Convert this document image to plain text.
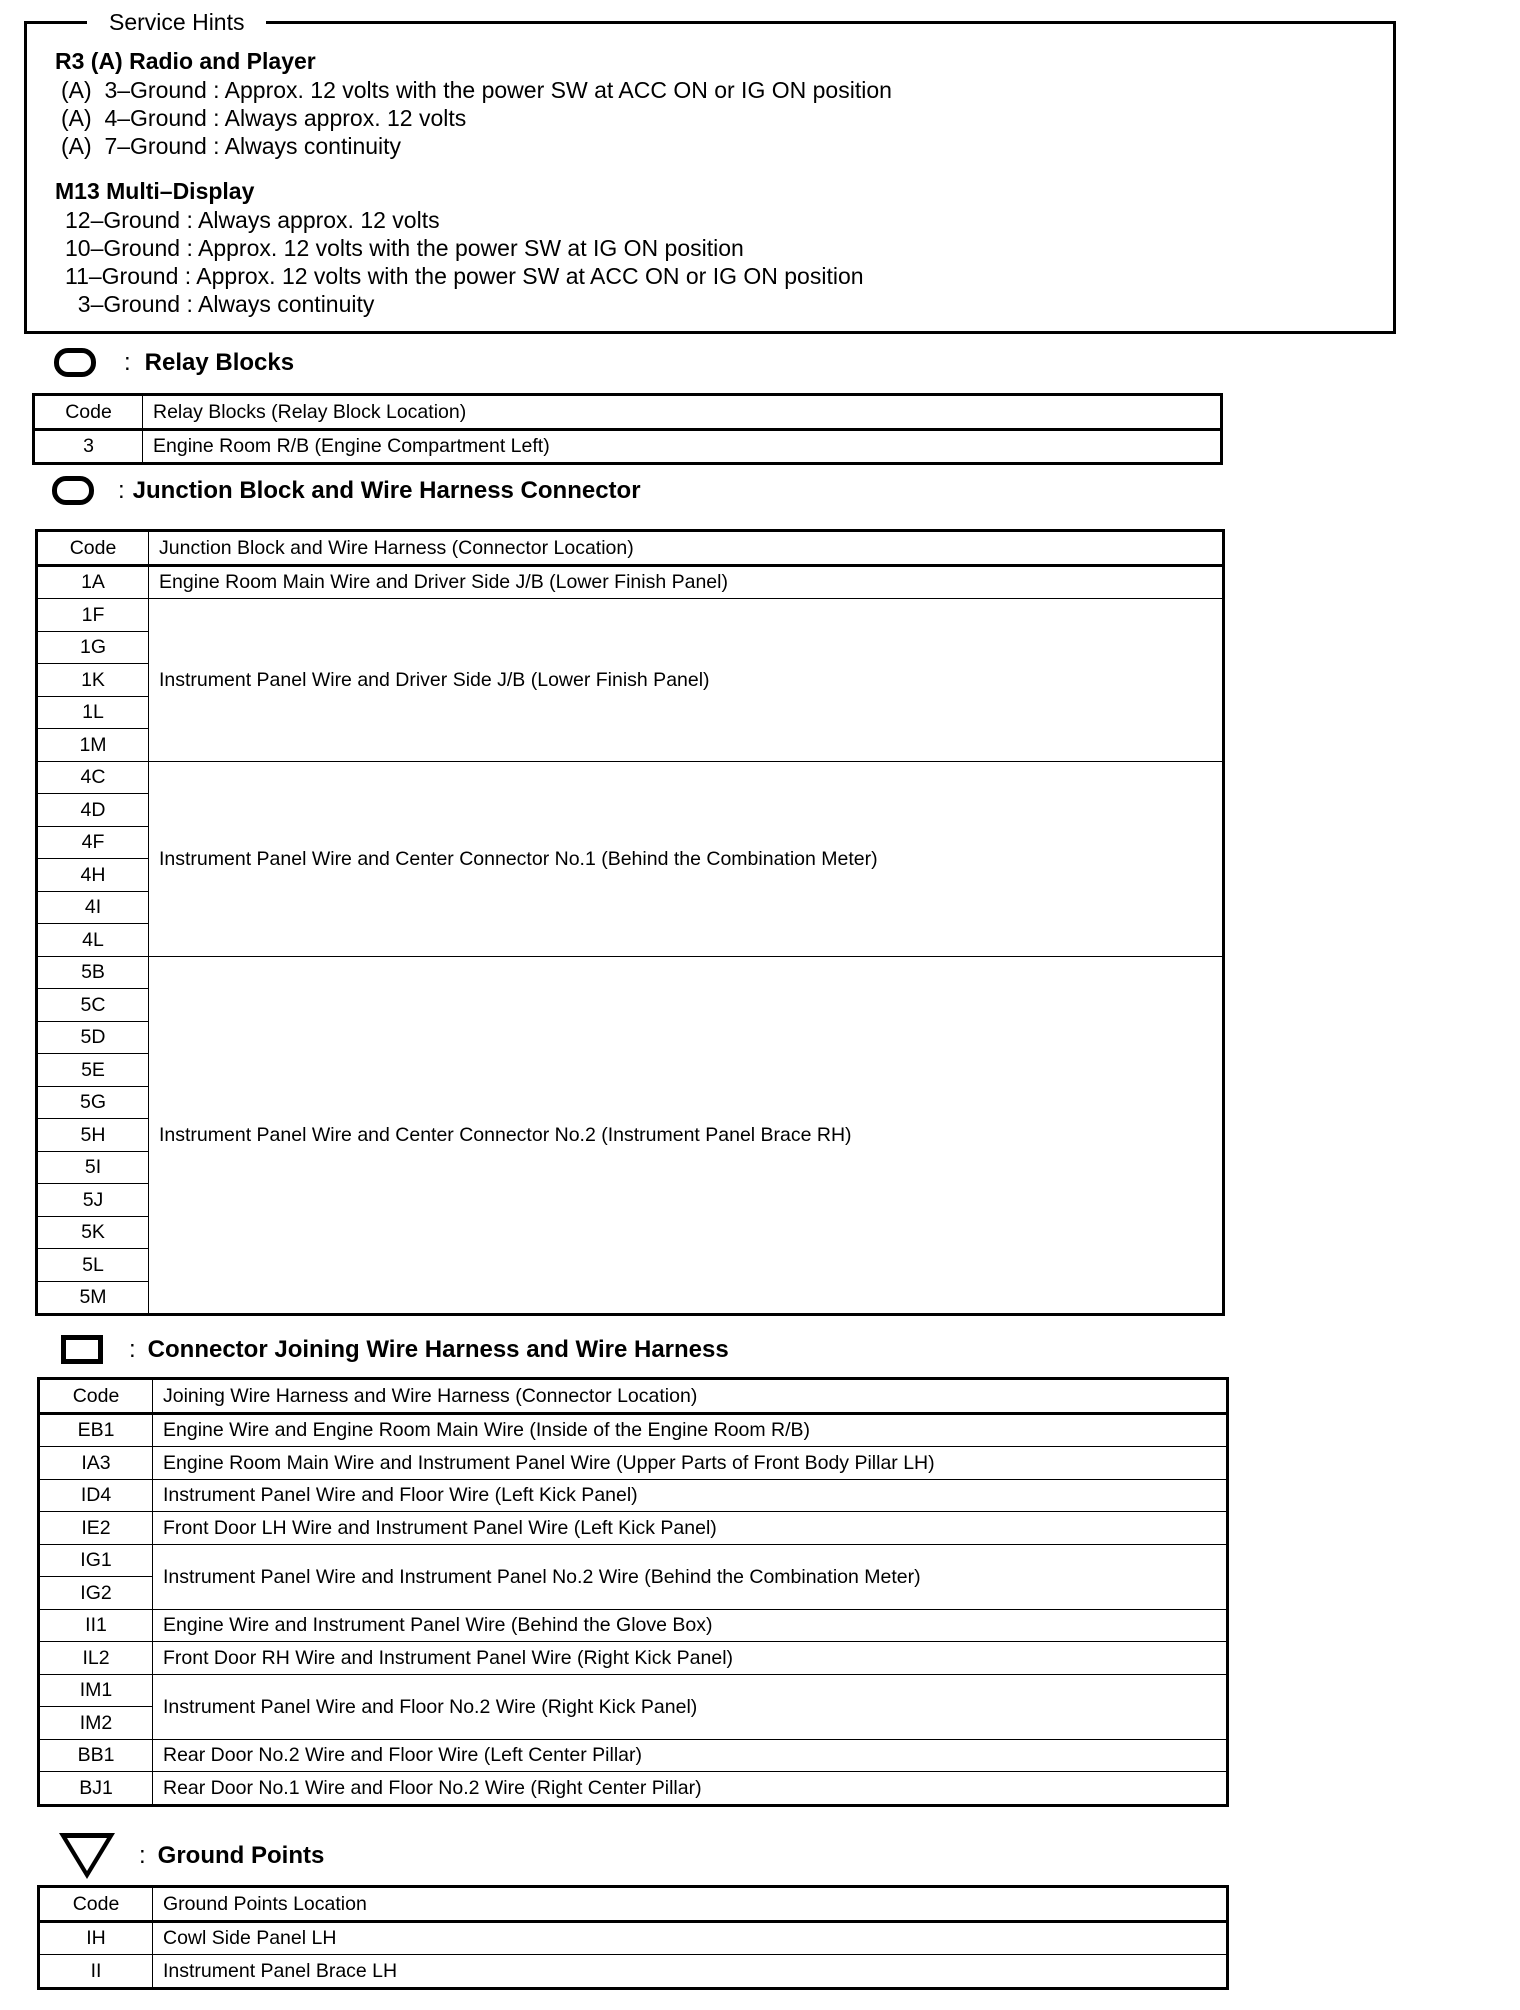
Service Hints
R3 (A) Radio and Player
(A)  3–Ground : Approx. 12 volts with the power SW at ACC ON or IG ON position
(A)  4–Ground : Always approx. 12 volts
(A)  7–Ground : Always continuity
M13 Multi–Display
12–Ground : Always approx. 12 volts
10–Ground : Approx. 12 volts with the power SW at IG ON position
11–Ground : Approx. 12 volts with the power SW at ACC ON or IG ON position
3–Ground : Always continuity
: Relay Blocks
Code	Relay Blocks (Relay Block Location)
3	Engine Room R/B (Engine Compartment Left)
: Junction Block and Wire Harness Connector
Code	Junction Block and Wire Harness (Connector Location)
1A	Engine Room Main Wire and Driver Side J/B (Lower Finish Panel)
1F	Instrument Panel Wire and Driver Side J/B (Lower Finish Panel)
1G	
1K	
1L	
1M	
4C	Instrument Panel Wire and Center Connector No.1 (Behind the Combination Meter)
4D	
4F	
4H	
4I	
4L	
5B	Instrument Panel Wire and Center Connector No.2 (Instrument Panel Brace RH)
5C	
5D	
5E	
5G	
5H	
5I	
5J	
5K	
5L	
5M	
: Connector Joining Wire Harness and Wire Harness
Code	Joining Wire Harness and Wire Harness (Connector Location)
EB1	Engine Wire and Engine Room Main Wire (Inside of the Engine Room R/B)
IA3	Engine Room Main Wire and Instrument Panel Wire (Upper Parts of Front Body Pillar LH)
ID4	Instrument Panel Wire and Floor Wire (Left Kick Panel)
IE2	Front Door LH Wire and Instrument Panel Wire (Left Kick Panel)
IG1	Instrument Panel Wire and Instrument Panel No.2 Wire (Behind the Combination Meter)
IG2	
II1	Engine Wire and Instrument Panel Wire (Behind the Glove Box)
IL2	Front Door RH Wire and Instrument Panel Wire (Right Kick Panel)
IM1	Instrument Panel Wire and Floor No.2 Wire (Right Kick Panel)
IM2	
BB1	Rear Door No.2 Wire and Floor Wire (Left Center Pillar)
BJ1	Rear Door No.1 Wire and Floor No.2 Wire (Right Center Pillar)
: Ground Points
Code	Ground Points Location
IH	Cowl Side Panel LH
II	Instrument Panel Brace LH
